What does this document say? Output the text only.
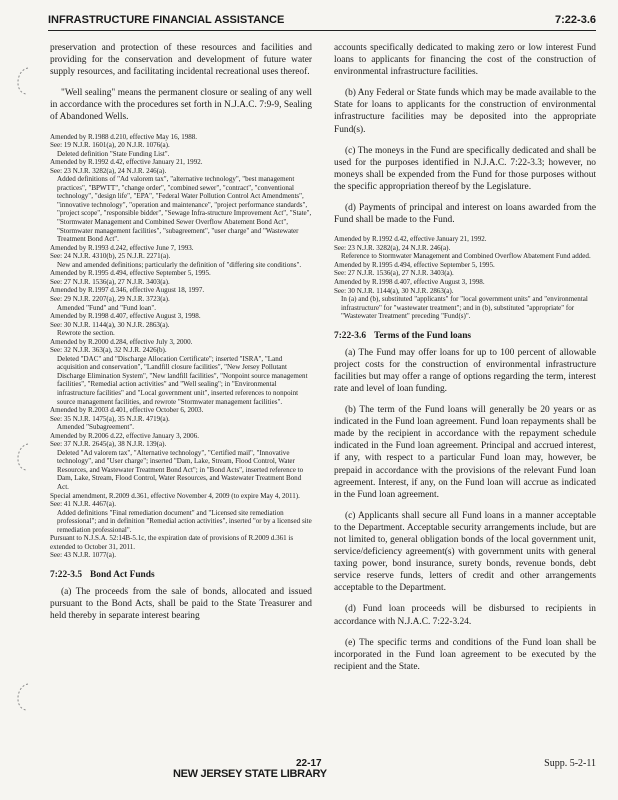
INFRASTRUCTURE FINANCIAL ASSISTANCE	7:22-3.6

preservation and protection of these resources and facilities and providing for the conservation and development of future water supply resources, and facilitating incidental recreational uses thereof.

"Well sealing" means the permanent closure or sealing of any well in accordance with the procedures set forth in N.J.A.C. 7:9-9, Sealing of Abandoned Wells.

Amended by R.1988 d.210, effective May 16, 1988.
See: 19 N.J.R. 1601(a), 20 N.J.R. 1076(a).
Deleted definition "State Funding List".
Amended by R.1992 d.42, effective January 21, 1992.
See: 23 N.J.R. 3282(a), 24 N.J.R. 246(a).
Added definitions of "Ad valorem tax", "alternative technology", "best management practices", "BPWTT", "change order", "combined sewer", "contract", "conventional technology", "design life", "EPA", "Federal Water Pollution Control Act Amendments", "innovative technology", "operation and maintenance", "project performance standards", "project scope", "responsible bidder", "Sewage Infra-structure Improvement Act", "State", "Stormwater Management and Combined Sewer Overflow Abatement Bond Act", "Stormwater management facilities", "subagreement", "user charge" and "Wastewater Treatment Bond Act".
Amended by R.1993 d.242, effective June 7, 1993.
See: 24 N.J.R. 4310(b), 25 N.J.R. 2271(a).
New and amended definitions; particularly the definition of "differing site conditions".
Amended by R.1995 d.494, effective September 5, 1995.
See: 27 N.J.R. 1536(a), 27 N.J.R. 3403(a).
Amended by R.1997 d.346, effective August 18, 1997.
See: 29 N.J.R. 2207(a), 29 N.J.R. 3723(a).
Amended "Fund" and "Fund loan".
Amended by R.1998 d.407, effective August 3, 1998.
See: 30 N.J.R. 1144(a), 30 N.J.R. 2863(a).
Rewrote the section.
Amended by R.2000 d.284, effective July 3, 2000.
See: 32 N.J.R. 363(a), 32 N.J.R. 2426(b).
Deleted "DAC" and "Discharge Allocation Certificate"; inserted "ISRA", "Land acquisition and conservation", "Landfill closure facilities", "New Jersey Pollutant Discharge Elimination System", "New landfill facilities", "Nonpoint source management facilities", "Remedial action activities" and "Well sealing"; in "Environmental infrastructure facilities" and "Local government unit", inserted references to nonpoint source management facilities, and rewrote "Stormwater management facilities".
Amended by R.2003 d.401, effective October 6, 2003.
See: 35 N.J.R. 1475(a), 35 N.J.R. 4719(a).
Amended "Subagreement".
Amended by R.2006 d.22, effective January 3, 2006.
See: 37 N.J.R. 2645(a), 38 N.J.R. 139(a).
Deleted "Ad valorem tax", "Alternative technology", "Certified mail", "Innovative technology", and "User charge"; inserted "Dam, Lake, Stream, Flood Control, Water Resources, and Wastewater Treatment Bond Act"; in "Bond Acts", inserted reference to Dam, Lake, Stream, Flood Control, Water Resources, and Wastewater Treatment Bond Act.
Special amendment, R.2009 d.361, effective November 4, 2009 (to expire May 4, 2011).
See: 41 N.J.R. 4467(a).
Added definitions "Final remediation document" and "Licensed site remediation professional"; and in definition "Remedial action activities", inserted "or by a licensed site remediation professional".
Pursuant to N.J.S.A. 52:14B-5.1c, the expiration date of provisions of R.2009 d.361 is extended to October 31, 2011.
See: 43 N.J.R. 1077(a).
7:22-3.5 Bond Act Funds

(a) The proceeds from the sale of bonds, allocated and issued pursuant to the Bond Acts, shall be paid to the State Treasurer and held thereby in separate interest bearing

accounts specifically dedicated to making zero or low interest Fund loans to applicants for financing the cost of the construction of environmental infrastructure facilities.

(b) Any Federal or State funds which may be made available to the State for loans to applicants for the construction of environmental infrastructure facilities may be deposited into the appropriate Fund(s).

(c) The moneys in the Fund are specifically dedicated and shall be used for the purposes identified in N.J.A.C. 7:22-3.3; however, no moneys shall be expended from the Fund for those purposes without the specific appropriation thereof by the Legislature.

(d) Payments of principal and interest on loans awarded from the Fund shall be made to the Fund.

Amended by R.1992 d.42, effective January 21, 1992.
See: 23 N.J.R. 3282(a), 24 N.J.R. 246(a).
Reference to Stormwater Management and Combined Overflow Abatement Fund added.
Amended by R.1995 d.494, effective September 5, 1995.
See: 27 N.J.R. 1536(a), 27 N.J.R. 3403(a).
Amended by R.1998 d.407, effective August 3, 1998.
See: 30 N.J.R. 1144(a), 30 N.J.R. 2863(a).
In (a) and (b), substituted "applicants" for "local government units" and "environmental infrastructure" for "wastewater treatment"; and in (b), substituted "appropriate" for "Wastewater Treatment" preceding "Fund(s)".
7:22-3.6 Terms of the Fund loans

(a) The Fund may offer loans for up to 100 percent of allowable project costs for the construction of environmental infrastructure facilities but may offer a range of options regarding the term, interest rate and level of loan funding.

(b) The term of the Fund loans will generally be 20 years or as indicated in the Fund loan agreement. Fund loan repayments shall be made by the recipient in accordance with the repayment schedule indicated in the Fund loan agreement. Principal and accrued interest, if any, with respect to a particular Fund loan may, however, be prepaid in accordance with the provisions of the relevant Fund loan agreement. Interest, if any, on the Fund loan will accrue as indicated in the Fund loan agreement.

(c) Applicants shall secure all Fund loans in a manner acceptable to the Department. Acceptable security arrangements include, but are not limited to, general obligation bonds of the local government unit, service/deficiency agreement(s) with government units with general taxing power, bond insurance, surety bonds, revenue bonds, debt service reserve funds, letters of credit and other arrangements acceptable to the Department.

(d) Fund loan proceeds will be disbursed to recipients in accordance with N.J.A.C. 7:22-3.24.

(e) The specific terms and conditions of the Fund loan shall be incorporated in the Fund loan agreement to be executed by the recipient and the State.

22-17	Supp. 5-2-11
NEW JERSEY STATE LIBRARY
